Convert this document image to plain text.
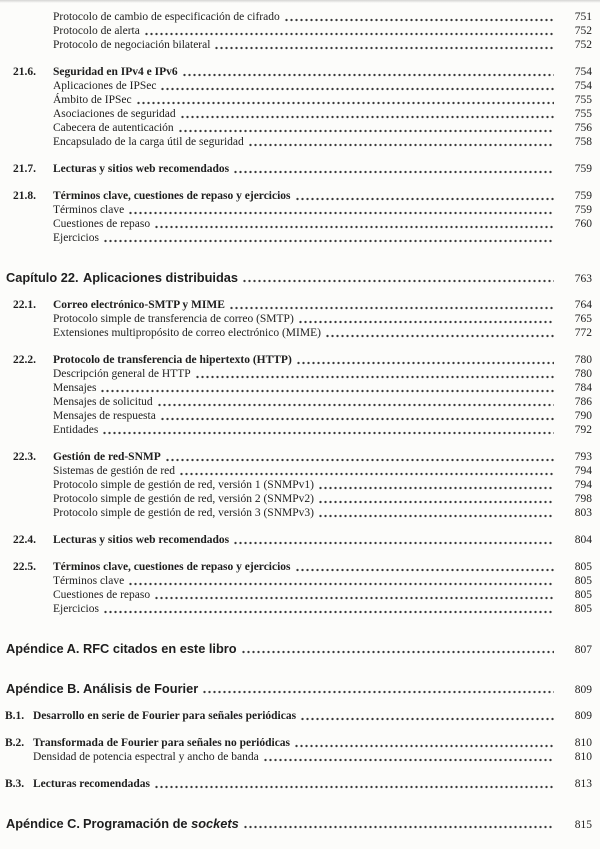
Protocolo de cambio de especificación de cifrado	751
Protocolo de alerta	752
Protocolo de negociación bilateral	752
21.6.	Seguridad en IPv4 e IPv6	754
Aplicaciones de IPSec	754
Ámbito de IPSec	755
Asociaciones de seguridad	755
Cabecera de autenticación	756
Encapsulado de la carga útil de seguridad	758
21.7.	Lecturas y sitios web recomendados	759
21.8.	Términos clave, cuestiones de repaso y ejercicios	759
Términos clave	759
Cuestiones de repaso	760
Ejercicios
Capítulo 22. Aplicaciones distribuidas	763
22.1.	Correo electrónico-SMTP y MIME	764
Protocolo simple de transferencia de correo (SMTP)	765
Extensiones multipropósito de correo electrónico (MIME)	772
22.2.	Protocolo de transferencia de hipertexto (HTTP)	780
Descripción general de HTTP	780
Mensajes	784
Mensajes de solicitud	786
Mensajes de respuesta	790
Entidades	792
22.3.	Gestión de red-SNMP	793
Sistemas de gestión de red	794
Protocolo simple de gestión de red, versión 1 (SNMPv1)	794
Protocolo simple de gestión de red, versión 2 (SNMPv2)	798
Protocolo simple de gestión de red, versión 3 (SNMPv3)	803
22.4.	Lecturas y sitios web recomendados	804
22.5.	Términos clave, cuestiones de repaso y ejercicios	805
Términos clave	805
Cuestiones de repaso	805
Ejercicios	805
Apéndice A. RFC citados en este libro	807
Apéndice B. Análisis de Fourier	809
B.1. Desarrollo en serie de Fourier para señales periódicas	809
B.2. Transformada de Fourier para señales no periódicas	810
Densidad de potencia espectral y ancho de banda	810
B.3. Lecturas recomendadas	813
Apéndice C. Programación de sockets	815
